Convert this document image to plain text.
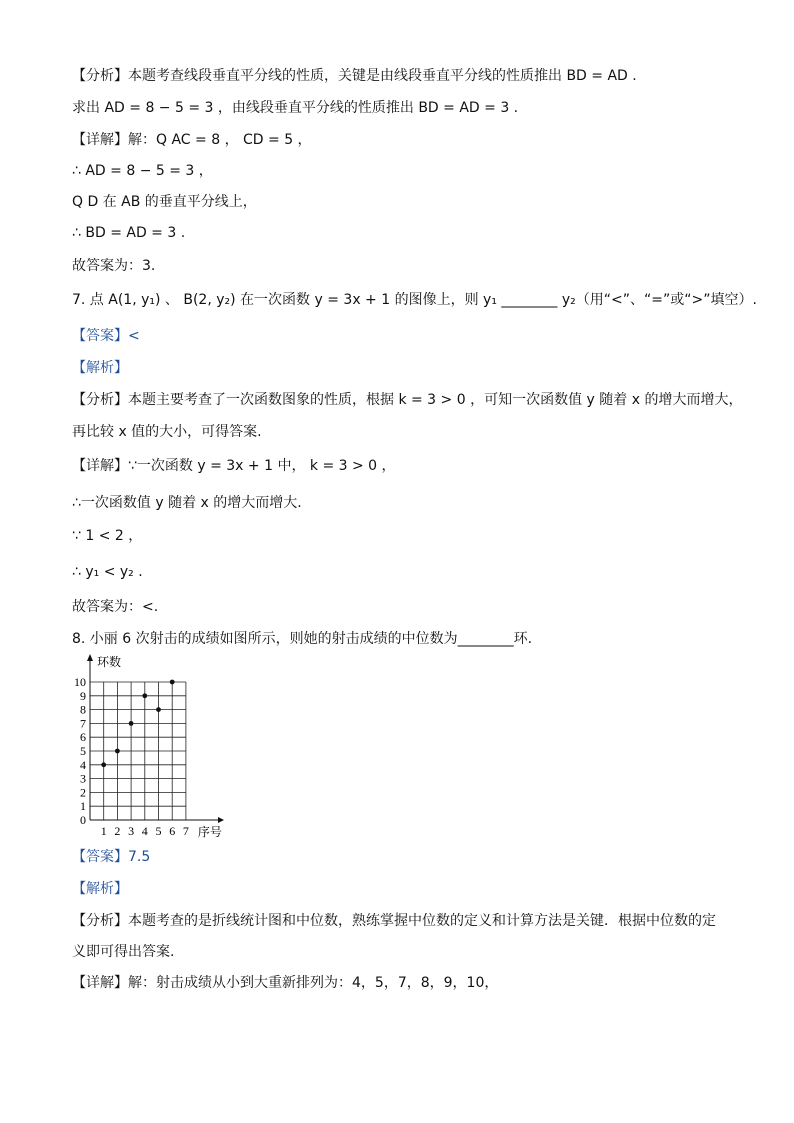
【分析】本题考查线段垂直平分线的性质，关键是由线段垂直平分线的性质推出 BD = AD .
求出 AD = 8 − 5 = 3 ，由线段垂直平分线的性质推出 BD = AD = 3 .
【详解】解：Q AC = 8 ， CD = 5 ，
∴ AD = 8 − 5 = 3 ，
Q D 在 AB 的垂直平分线上，
∴ BD = AD = 3 .
故答案为：3.
7. 点 A(1, y₁) 、 B(2, y₂) 在一次函数 y = 3x + 1 的图像上，则 y₁ ________ y₂（用“<”、“=”或“>”填空）.
【答案】<
【解析】
【分析】本题主要考查了一次函数图象的性质，根据 k = 3 > 0 ，可知一次函数值 y 随着 x 的增大而增大，
再比较 x 值的大小，可得答案.
【详解】∵一次函数 y = 3x + 1 中， k = 3 > 0 ，
∴一次函数值 y 随着 x 的增大而增大.
∵ 1 < 2 ，
∴ y₁ < y₂ .
故答案为：<.
8. 小丽 6 次射击的成绩如图所示，则她的射击成绩的中位数为________环.
1 2 3 4 5 6 7
0
1
2
3
4
5
6
7
8
9
10
环数
序号
【答案】7.5
【解析】
【分析】本题考查的是折线统计图和中位数，熟练掌握中位数的定义和计算方法是关键．根据中位数的定
义即可得出答案.
【详解】解：射击成绩从小到大重新排列为：4，5，7，8，9，10，
